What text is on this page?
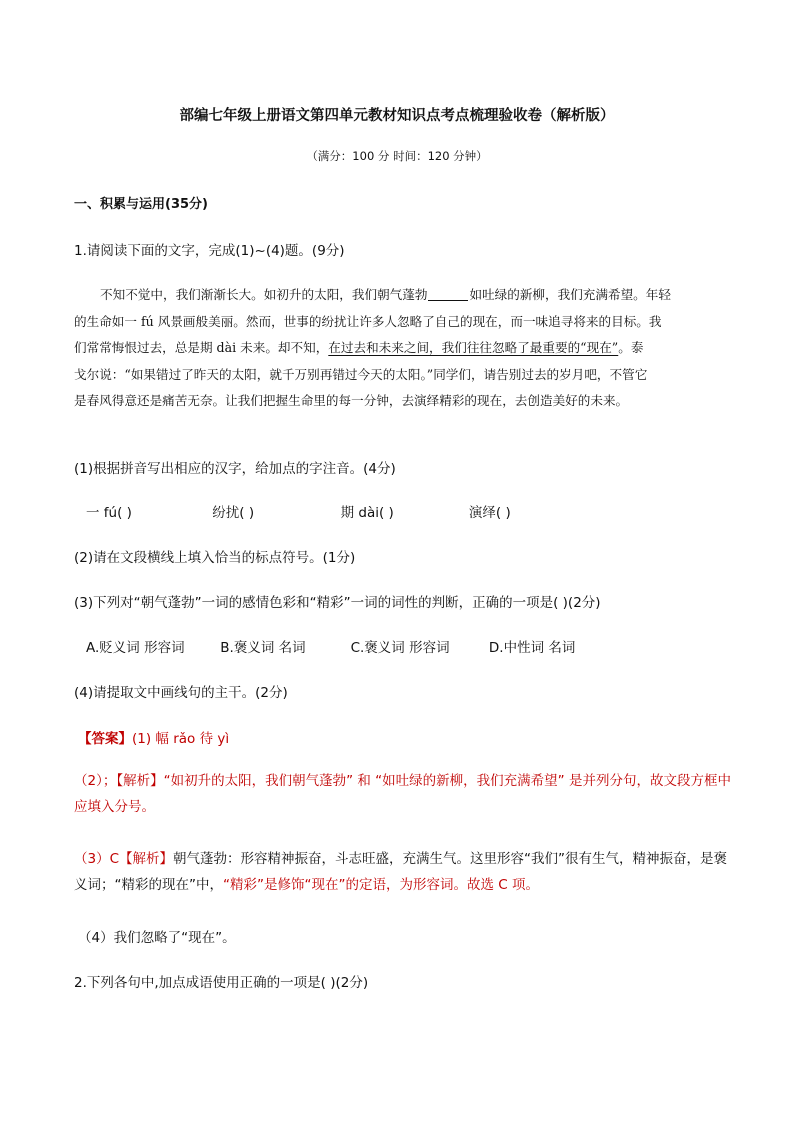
部编七年级上册语文第四单元教材知识点考点梳理验收卷（解析版）
（满分：100 分 时间：120 分钟）
一、积累与运用(35分)
1.请阅读下面的文字，完成(1)~(4)题。(9分)
不知不觉中，我们渐渐长大。如初升的太阳，我们朝气蓬勃	如吐绿的新柳，我们充满希望。年轻
的生命如一 fú 风景画般美丽。然而，世事的纷扰让许多人忽略了自己的现在，而一味追寻将来的目标。我
们常常悔恨过去，总是期 dài 未来。却不知，在过去和未来之间，我们往往忽略了最重要的“现在”。泰
戈尔说：“如果错过了昨天的太阳，就千万别再错过今天的太阳。”同学们，请告别过去的岁月吧，不管它
是春风得意还是痛苦无奈。让我们把握生命里的每一分钟，去演绎精彩的现在，去创造美好的未来。
(1)根据拼音写出相应的汉字，给加点的字注音。(4分)
一 fú( )	纷扰( )	期 dài( )	演绎( )
(2)请在文段横线上填入恰当的标点符号。(1分)
(3)下列对“朝气蓬勃”一词的感情色彩和“精彩”一词的词性的判断，正确的一项是( )(2分)
A.贬义词 形容词	B.褒义词 名词	C.褒义词 形容词	D.中性词 名词
(4)请提取文中画线句的主干。(2分)
【答案】(1) 幅 rǎo 待 yì
（2）；【解析】“如初升的太阳，我们朝气蓬勃” 和 “如吐绿的新柳，我们充满希望” 是并列分句，故文段方框中应填入分号。
（3）C【解析】朝气蓬勃：形容精神振奋，斗志旺盛，充满生气。这里形容“我们”很有生气，精神振奋，是褒义词；“精彩的现在”中，“精彩”是修饰“现在”的定语，为形容词。故选 C 项。
（4）我们忽略了“现在”。
2.下列各句中,加点成语使用正确的一项是( )(2分)
